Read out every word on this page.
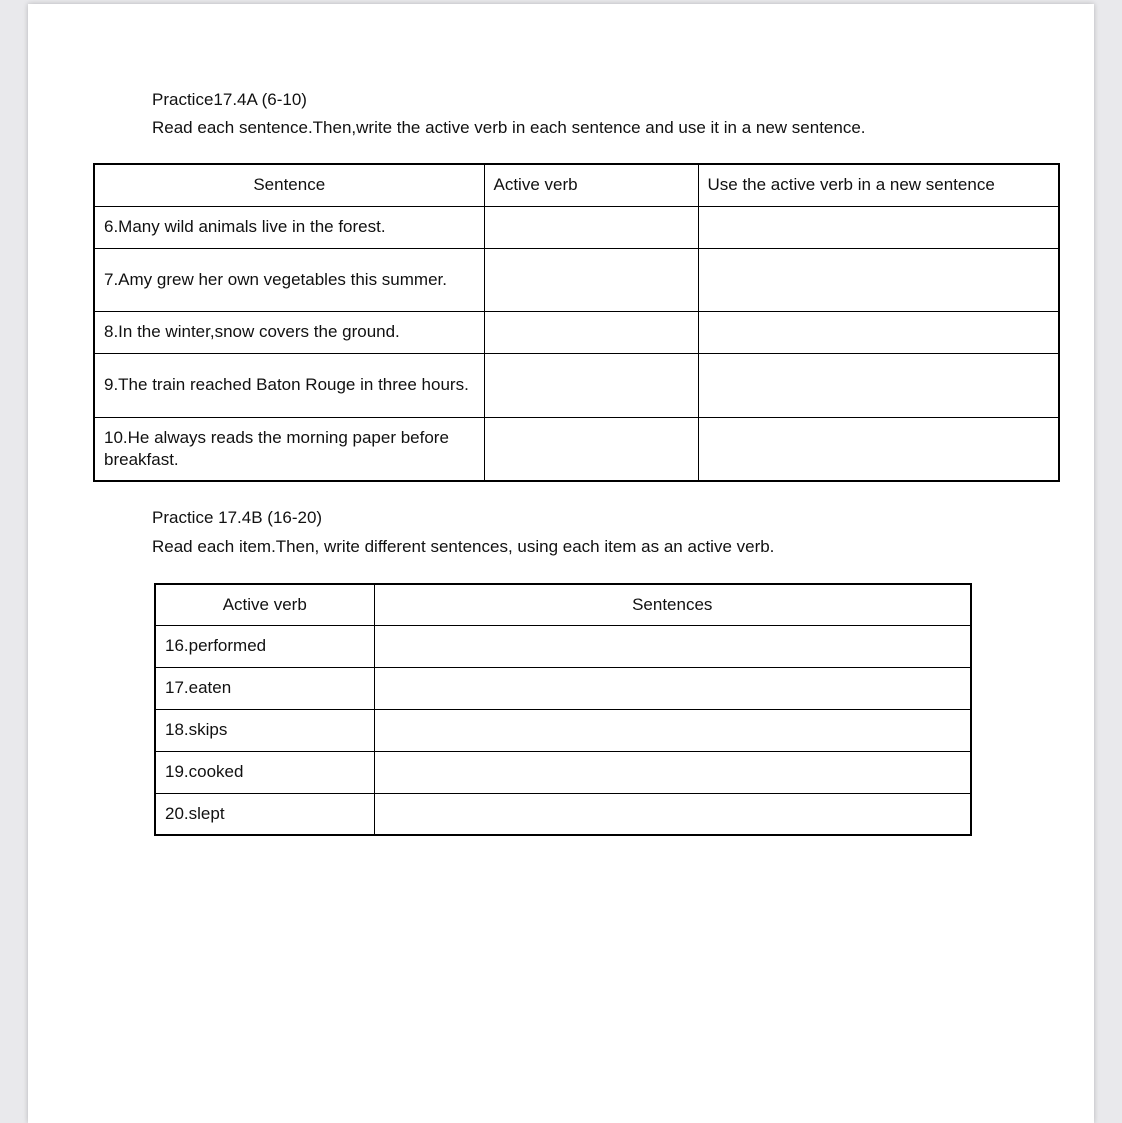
Practice17.4A (6-10)
Read each sentence.Then,write the active verb in each sentence and use it in a new sentence.
Sentence	Active verb	Use the active verb in a new sentence
6.Many wild animals live in the forest.		
7.Amy grew her own vegetables this summer.		
8.In the winter,snow covers the ground.		
9.The train reached Baton Rouge in three hours.		
10.He always reads the morning paper before breakfast.		
Practice 17.4B (16-20)
Read each item.Then, write different sentences, using each item as an active verb.
Active verb	Sentences
16.performed	
17.eaten	
18.skips	
19.cooked	
20.slept	
